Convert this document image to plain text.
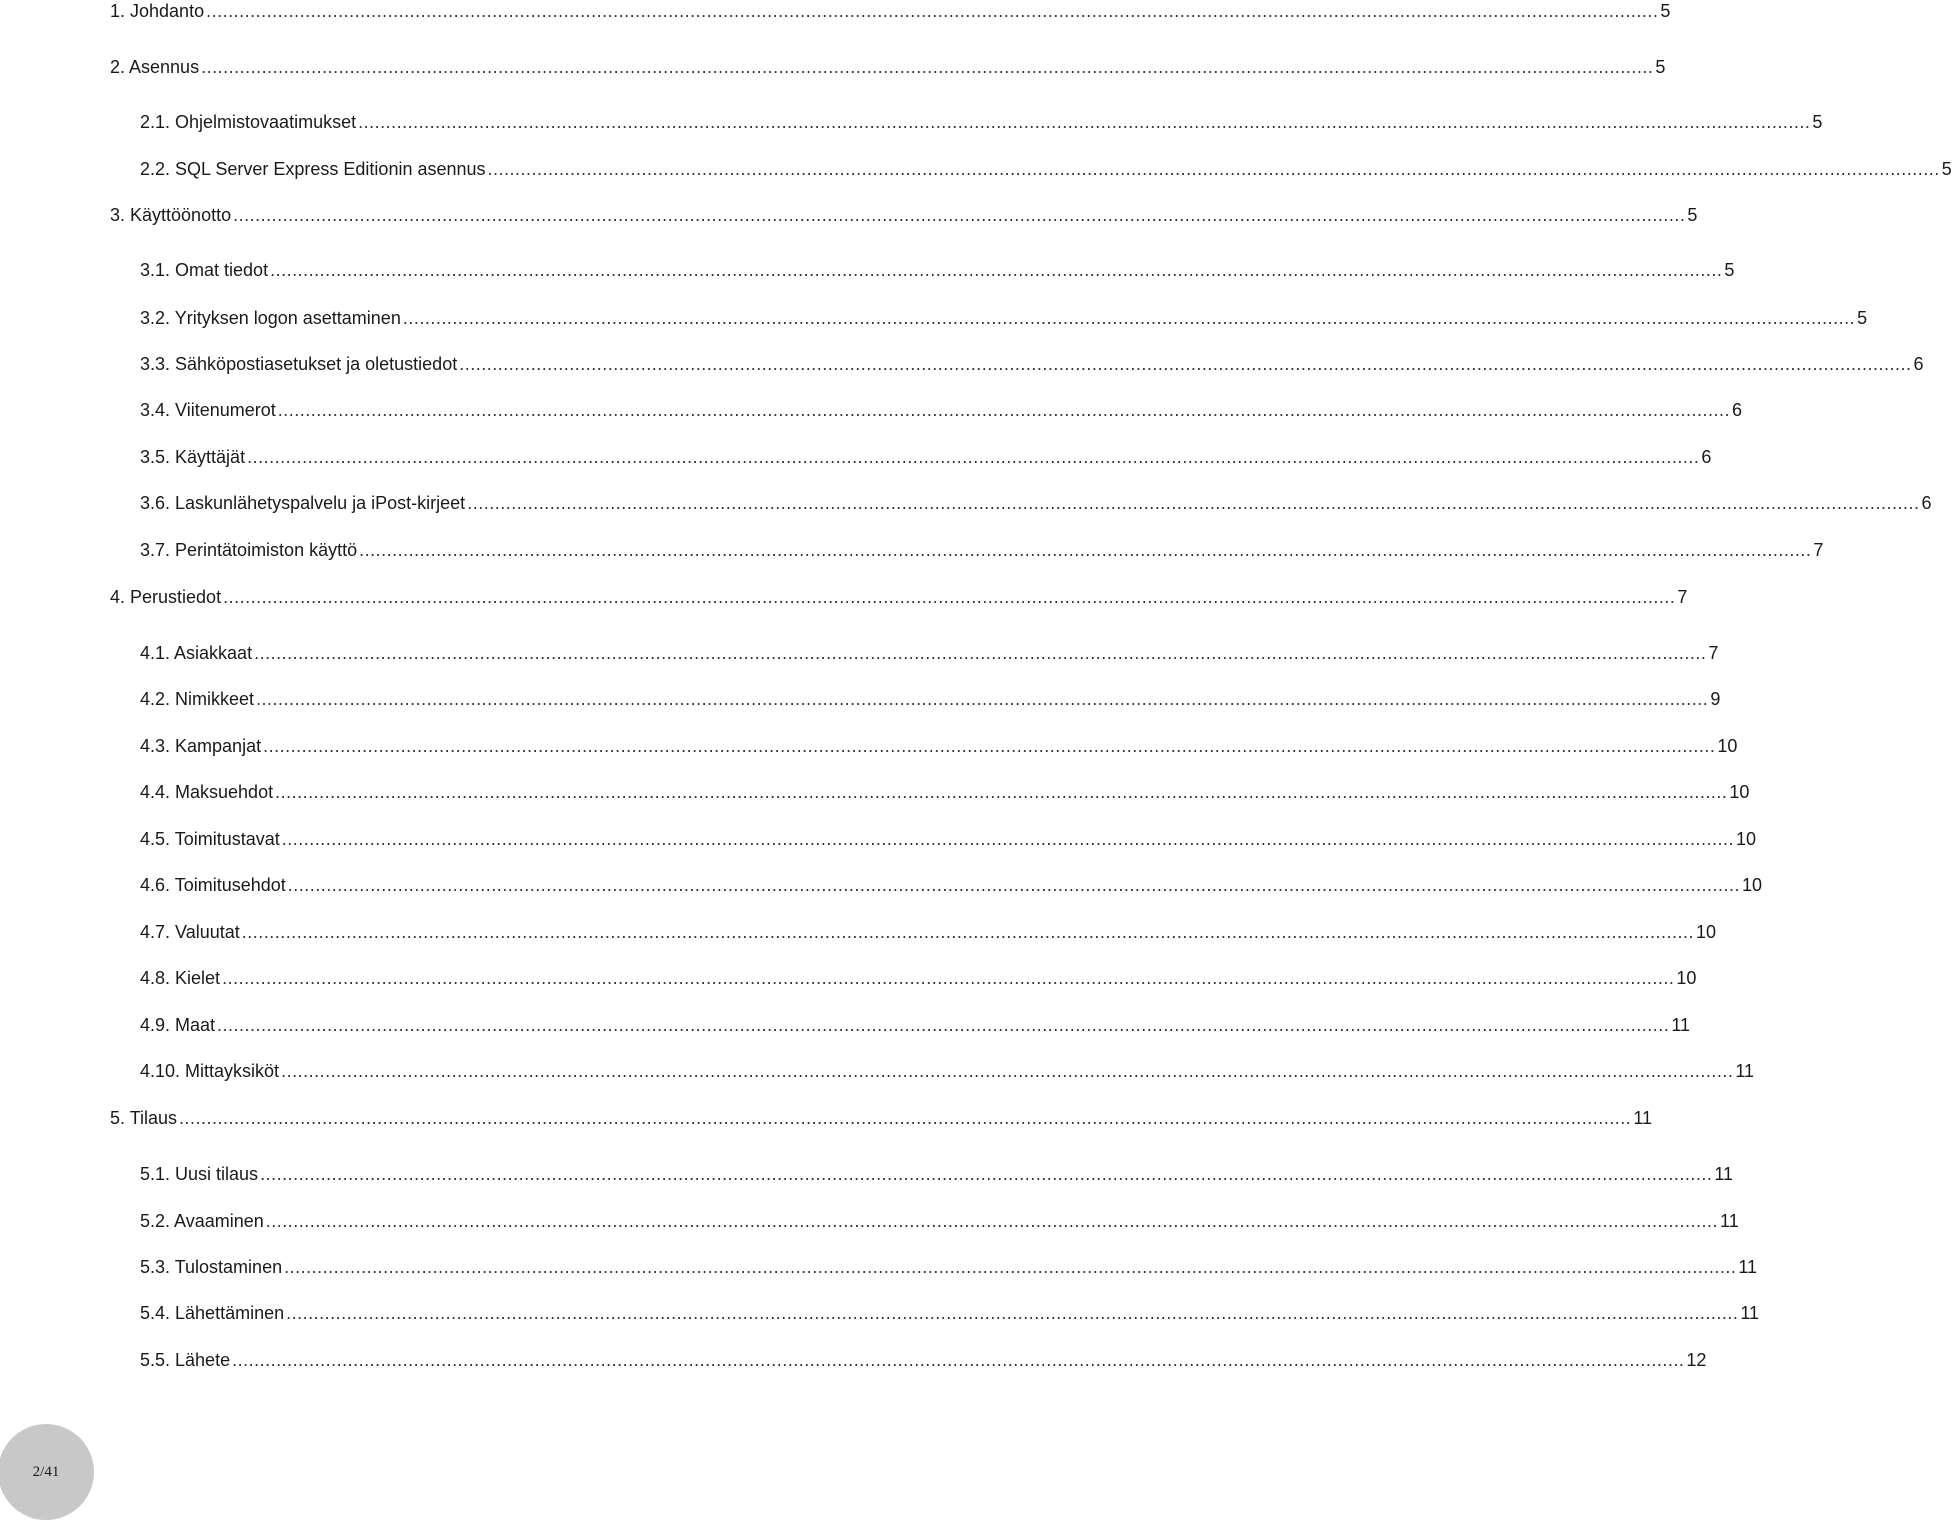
1. Johdanto .....	5
2. Asennus .....	5
2.1. Ohjelmistovaatimukset .....	5
2.2. SQL Server Express Editionin asennus .....	5
3. Käyttöönotto .....	5
3.1. Omat tiedot .....	5
3.2. Yrityksen logon asettaminen .....	5
3.3. Sähköpostiasetukset ja oletustiedot .....	6
3.4. Viitenumerot .....	6
3.5. Käyttäjät .....	6
3.6. Laskunlähetyspalvelu ja iPost-kirjeet .....	6
3.7. Perintätoimiston käyttö .....	7
4. Perustiedot .....	7
4.1. Asiakkaat .....	7
4.2. Nimikkeet .....	9
4.3. Kampanjat .....	10
4.4. Maksuehdot .....	10
4.5. Toimitustavat .....	10
4.6. Toimitusehdot .....	10
4.7. Valuutat .....	10
4.8. Kielet .....	10
4.9. Maat .....	11
4.10. Mittayksiköt .....	11
5. Tilaus .....	11
5.1. Uusi tilaus .....	11
5.2. Avaaminen .....	11
5.3. Tulostaminen .....	11
5.4. Lähettäminen .....	11
5.5. Lähete .....	12
2/41
